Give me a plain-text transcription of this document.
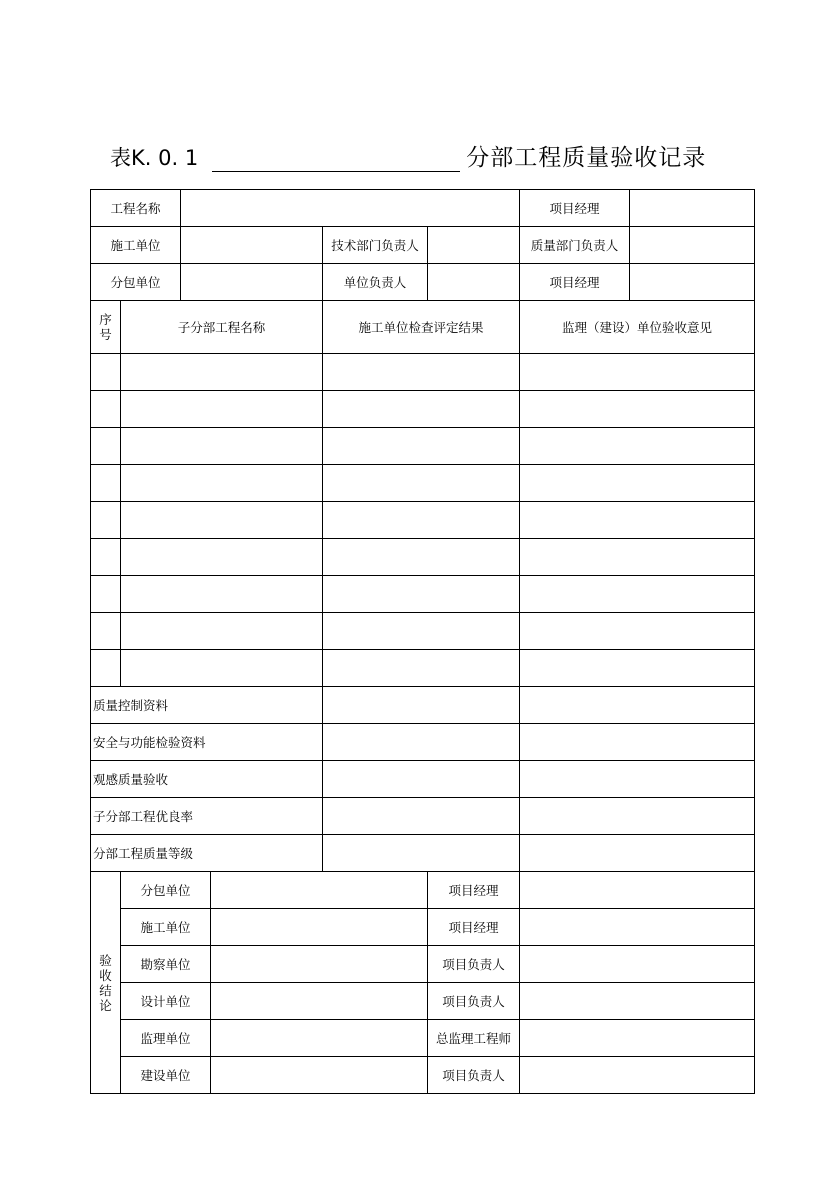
表K. 0. 1	分部工程质量验收记录
工程名称						项目经理	
施工单位				技术部门负责人		质量部门负责人	
分包单位				单位负责人		项目经理	

序
号	子分部工程名称			施工单位检查评定结果		监理（建设）单位验收意见	

质量控制资料							
安全与功能检验资料							
观感质量验收							
子分部工程优良率							
分部工程质量等级							

验
收
结
论	分包单位				项目经理		
	施工单位				项目经理		
	勘察单位				项目负责人		
	设计单位				项目负责人		
	监理单位				总监理工程师		
	建设单位				项目负责人		
